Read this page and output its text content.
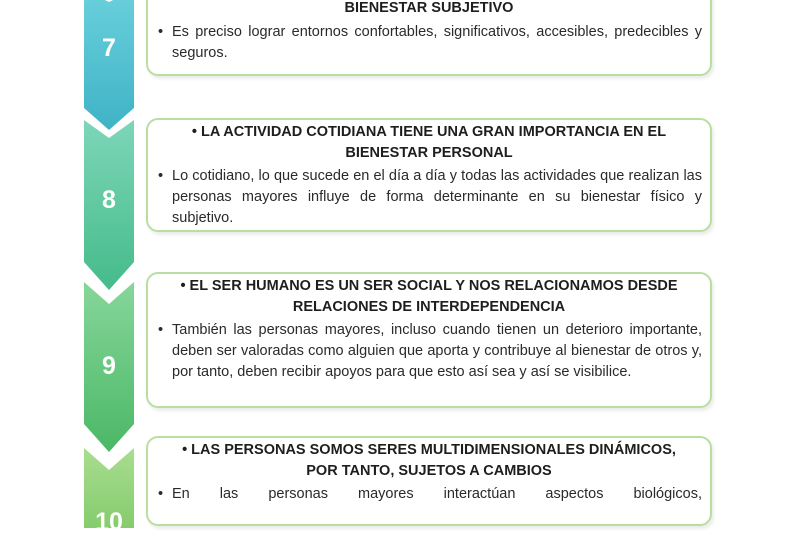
7
BIENESTAR SUBJETIVO
• Es preciso lograr entornos confortables, significativos, accesibles, predecibles y seguros.
8
• LA ACTIVIDAD COTIDIANA TIENE UNA GRAN IMPORTANCIA EN EL
BIENESTAR PERSONAL
• Lo cotidiano, lo que sucede en el día a día y todas las actividades que realizan las personas mayores influye de forma determinante en su bienestar físico y subjetivo.
9
• EL SER HUMANO ES UN SER SOCIAL Y NOS RELACIONAMOS DESDE
RELACIONES DE INTERDEPENDENCIA
• También las personas mayores, incluso cuando tienen un deterioro importante, deben ser valoradas como alguien que aporta y contribuye al bienestar de otros y, por tanto, deben recibir apoyos para que esto así sea y así se visibilice.
10
• LAS PERSONAS SOMOS SERES MULTIDIMENSIONALES DINÁMICOS,
POR TANTO, SUJETOS A CAMBIOS
• En las personas mayores interactúan aspectos biológicos,
